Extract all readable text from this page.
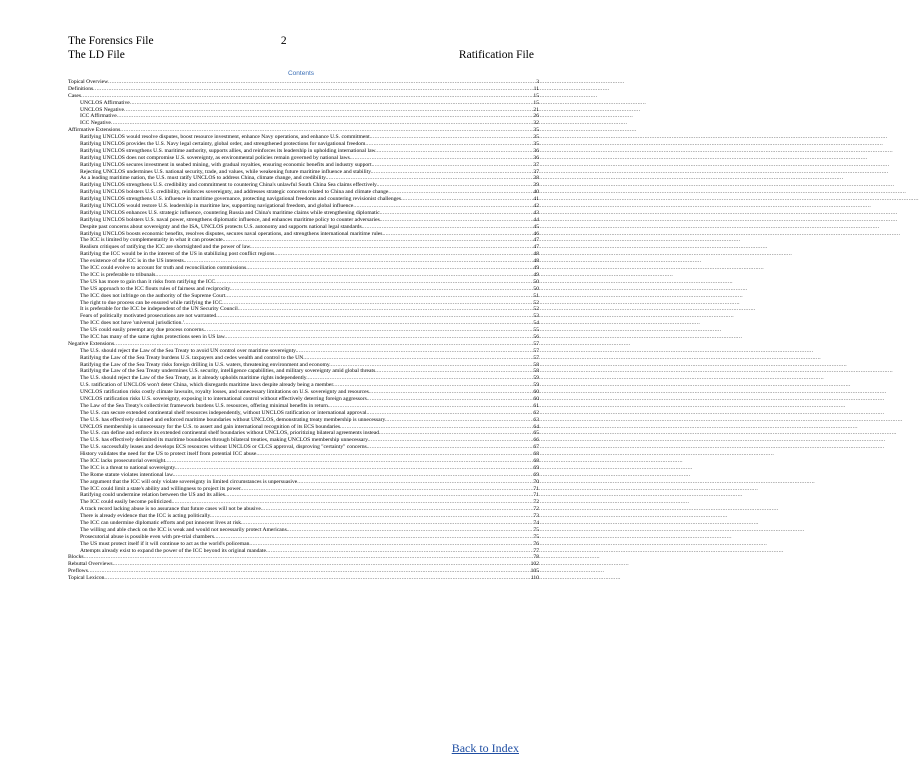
The Forensics File	2
The LD File	Ratification File
Contents
Topical Overview .....	3
Definitions .....	11
Cases .....	15
UNCLOS Affirmative .....	15
UNCLOS Negative .....	21
ICC Affirmative .....	26
ICC Negative .....	32
Affirmative Extensions .....	35
Ratifying UNCLOS would resolve disputes, boost resource investment, enhance Navy operations, and enhance U.S. commitment. .....	35
Ratifying UNCLOS provides the U.S. Navy legal certainty, global order, and strengthened protections for navigational freedom. .....	35
Ratifying UNCLOS strengthens U.S. maritime authority, supports allies, and reinforces its leadership in upholding international law. .....	36
Ratifying UNCLOS does not compromise U.S. sovereignty, as environmental policies remain governed by national laws. .....	36
Ratifying UNCLOS secures investment in seabed mining, with gradual royalties, ensuring economic benefits and industry support. .....	37
Rejecting UNCLOS undermines U.S. national security, trade, and values, while weakening future maritime influence and stability. .....	37
As a leading maritime nation, the U.S. must ratify UNCLOS to address China, climate change, and credibility. .....	38
Ratifying UNCLOS strengthens U.S. credibility and commitment to countering China's unlawful South China Sea claims effectively. .....	39
Ratifying UNCLOS bolsters U.S. credibility, reinforces sovereignty, and addresses strategic concerns related to China and climate change. .....	40
Ratifying UNCLOS strengthens U.S. influence in maritime governance, protecting navigational freedoms and countering revisionist challenges. .....	41
Ratifying UNCLOS would restore U.S. leadership in maritime law, supporting navigational freedom, and global influence. .....	42
Ratifying UNCLOS enhances U.S. strategic influence, countering Russia and China's maritime claims while strengthening diplomatic. .....	43
Ratifying UNCLOS bolsters U.S. naval power, strengthens diplomatic influence, and enhances maritime policy to counter adversaries. .....	44
Despite past concerns about sovereignty and the ISA, UNCLOS protects U.S. autonomy and supports national legal standards. .....	45
Ratifying UNCLOS boosts economic benefits, resolves disputes, secures naval operations, and strengthens international maritime rules. .....	46
The ICC is limited by complementarity in what it can prosecute. .....	47
Realism critiques of ratifying the ICC are shortsighted and the power of law. .....	47
Ratifying the ICC would be in the interest of the US in stabilizing post conflict regions. .....	48
The existence of the ICC is in the US interests. .....	48
The ICC could evolve to account for truth and reconciliation commissions. .....	49
The ICC is preferable to tribunals. .....	49
The US has more to gain than it risks from ratifying the ICC. .....	50
The US approach to the ICC flouts rules of fairness and reciprocity. .....	50
The ICC does not infringe on the authority of the Supreme Court. .....	51
The right to due process can be ensured while ratifying the ICC. .....	52
It is preferable for the ICC be independent of the UN Security Council. .....	52
Fears of politically motivated prosecutions are not warranted. .....	53
The ICC does not have 'universal jurisdiction.' .....	54
The US could easily preempt any due process concerns. .....	55
The ICC has many of the same rights protections seen in US law. .....	56
Negative Extensions .....	57
The U.S. should reject the Law of the Sea Treaty to avoid UN control over maritime sovereignty. .....	57
Ratifying the Law of the Sea Treaty burdens U.S. taxpayers and cedes wealth and control to the UN. .....	57
Ratifying the Law of the Sea Treaty risks foreign drilling in U.S. waters, threatening environment and economy. .....	58
Ratifying the Law of the Sea Treaty undermines U.S. security, intelligence capabilities, and military sovereignty amid global threats. .....	58
The U.S. should reject the Law of the Sea Treaty, as it already upholds maritime rights independently. .....	59
U.S. ratification of UNCLOS won't deter China, which disregards maritime laws despite already being a member. .....	59
UNCLOS ratification risks costly climate lawsuits, royalty losses, and unnecessary limitations on U.S. sovereignty and resources. .....	60
UNCLOS ratification risks U.S. sovereignty, exposing it to international control without effectively deterring foreign aggressors. .....	60
The Law of the Sea Treaty's collectivist framework burdens U.S. resources, offering minimal benefits in return. .....	61
The U.S. can secure extended continental shelf resources independently, without UNCLOS ratification or international approval. .....	62
The U.S. has effectively claimed and enforced maritime boundaries without UNCLOS, demonstrating treaty membership is unnecessary. .....	63
UNCLOS membership is unnecessary for the U.S. to assert and gain international recognition of its ECS boundaries. .....	64
The U.S. can define and enforce its extended continental shelf boundaries without UNCLOS, prioritizing bilateral agreements instead. .....	65
The U.S. has effectively delimited its maritime boundaries through bilateral treaties, making UNCLOS membership unnecessary. .....	66
The U.S. successfully leases and develops ECS resources without UNCLOS or CLCS approval, disproving "certainty" concerns. .....	67
History validates the need for the US to protect itself from potential ICC abuse. .....	68
The ICC lacks prosecutorial oversight. .....	68
The ICC is a threat to national sovereignty. .....	69
The Rome statute violates intentional law. .....	69
The argument that the ICC will only violate sovereignty in limited circumstances is unpersuasive. .....	70
The ICC could limit a state's ability and willingness to project its power. .....	71
Ratifying could undermine relation between the US and its allies. .....	71
The ICC could easily become politicized. .....	72
A track record lacking abuse is no assurance that future cases will not be abusive. .....	72
There is already evidence that the ICC is acting politically. .....	73
The ICC can undermine diplomatic efforts and put innocent lives at risk. .....	74
The willing and able check on the ICC is weak and would not necessarily protect Americans. .....	75
Prosecutorial abuse is possible even with pre-trial chambers. .....	75
The US must protect itself if it will continue to act as the world's policeman. .....	76
Attempts already exist to expand the power of the ICC beyond its original mandate. .....	77
Blocks .....	78
Rebuttal Overviews .....	102
Preflows .....	105
Topical Lexicon .....	110
Back to Index
